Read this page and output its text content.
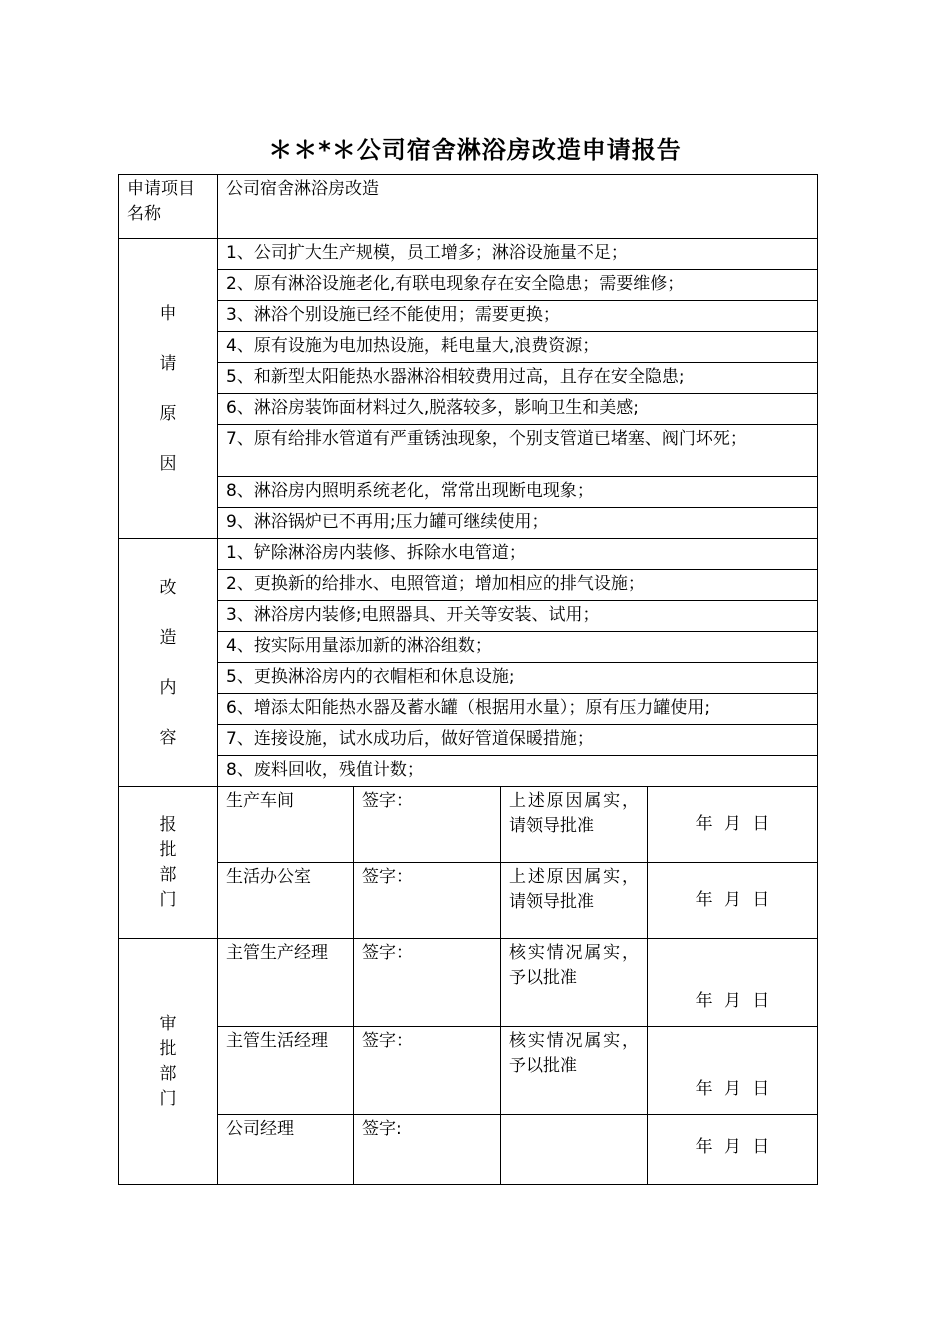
＊＊*＊公司宿舍淋浴房改造申请报告
申请项目名称	公司宿舍淋浴房改造			
申
请
原
因	1、公司扩大生产规模，员工增多；淋浴设施量不足；			
	2、原有淋浴设施老化,有联电现象存在安全隐患；需要维修；			
	3、淋浴个别设施已经不能使用；需要更换；			
	4、原有设施为电加热设施，耗电量大,浪费资源；			
	5、和新型太阳能热水器淋浴相较费用过高，且存在安全隐患;			
	6、淋浴房装饰面材料过久,脱落较多，影响卫生和美感;			
	7、原有给排水管道有严重锈浊现象，个别支管道已堵塞、阀门坏死；			
	8、淋浴房内照明系统老化，常常出现断电现象；			
	9、淋浴锅炉已不再用;压力罐可继续使用；			
改
造
内
容	1、铲除淋浴房内装修、拆除水电管道；			
	2、更换新的给排水、电照管道；增加相应的排气设施；			
	3、淋浴房内装修;电照器具、开关等安装、试用；			
	4、按实际用量添加新的淋浴组数；			
	5、更换淋浴房内的衣帽柜和休息设施;			
	6、增添太阳能热水器及蓄水罐（根据用水量）；原有压力罐使用;			
	7、连接设施，试水成功后，做好管道保暖措施；			
	8、废料回收，残值计数；			
报
批
部
门	生产车间	签字：	上述原因属实，请领导批准	年 月 日
	生活办公室	签字：	上述原因属实，请领导批准	年 月 日
审
批
部
门	主管生产经理	签字：	核实情况属实，予以批准	年 月 日
	主管生活经理	签字：	核实情况属实，予以批准	年 月 日
	公司经理	签字:		年 月 日
